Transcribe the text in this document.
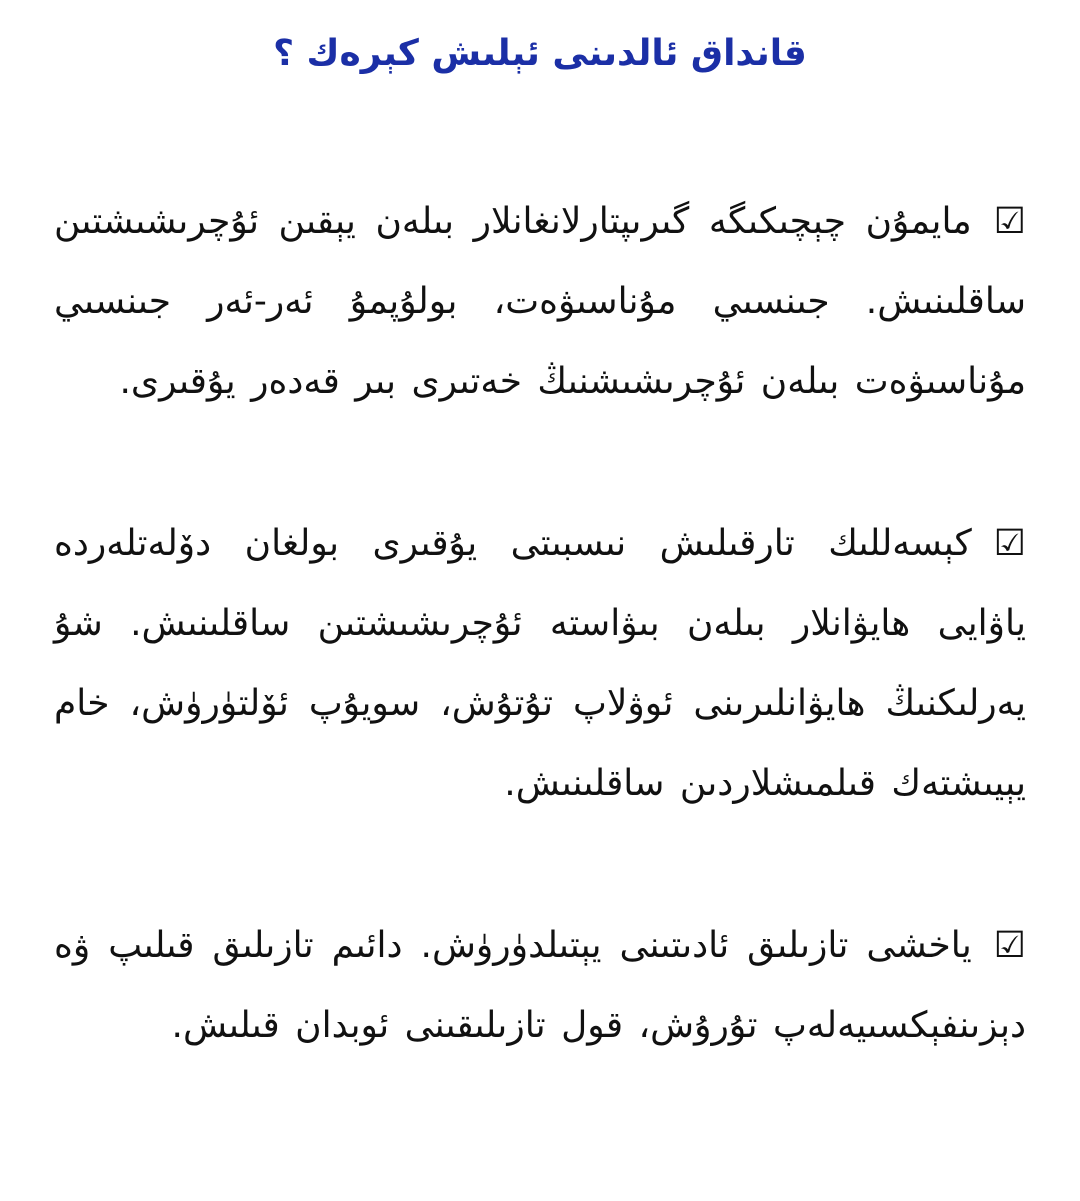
قانداق ئالدىنى ئېلىش كېرەك ؟

☑مايمۇن چېچىكىگە گىرىپتارلانغانلار بىلەن يېقىن ئۇچرىشىشتىن ساقلىنىش. جىنسىي مۇناسىۋەت، بولۇپمۇ ئەر-ئەر جىنسىي مۇناسىۋەت بىلەن ئۇچرىشىشنىڭ خەتىرى بىر قەدەر يۇقىرى.

☑كېسەللىك تارقىلىش نىسبىتى يۇقىرى بولغان دۆلەتلەردە ياۋايى ھايۋانلار بىلەن بىۋاستە ئۇچرىشىشتىن ساقلىنىش. شۇ يەرلىكنىڭ ھايۋانلىرىنى ئوۋلاپ تۇتۇش، سويۇپ ئۆلتۈرۈش، خام يېيىشتەك قىلمىشلاردىن ساقلىنىش.

☑ياخشى تازىلىق ئادىتىنى يېتىلدۈرۈش. دائىم تازىلىق قىلىپ ۋە دېزىنفېكسىيەلەپ تۇرۇش، قول تازىلىقىنى ئوبدان قىلىش.
